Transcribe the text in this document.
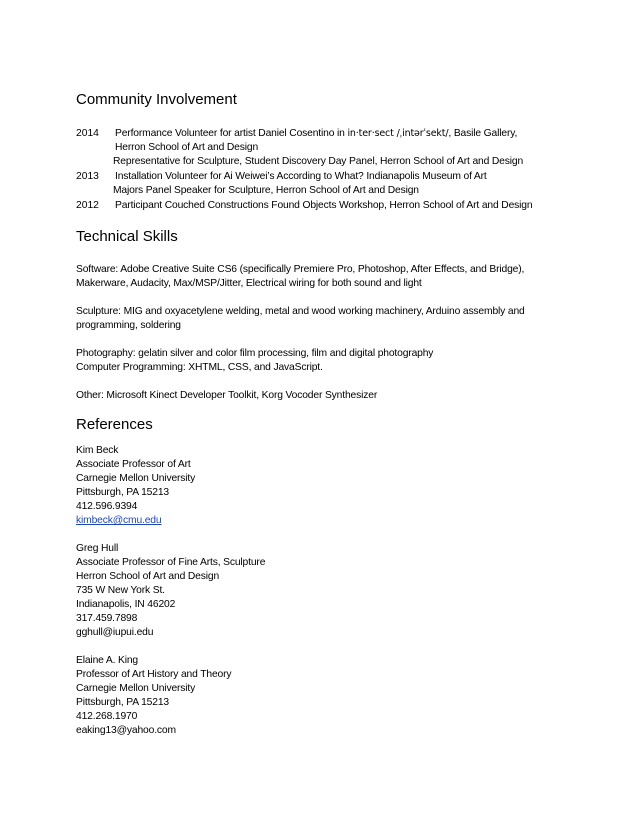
Community Involvement
2014 Performance Volunteer for artist Daniel Cosentino in in·ter·sect /ˌintərˈsekt/, Basile Gallery,
Herron School of Art and Design
Representative for Sculpture, Student Discovery Day Panel, Herron School of Art and Design
2013 Installation Volunteer for Ai Weiwei’s According to What? Indianapolis Museum of Art
Majors Panel Speaker for Sculpture, Herron School of Art and Design
2012 Participant Couched Constructions Found Objects Workshop, Herron School of Art and Design
Technical Skills
Software: Adobe Creative Suite CS6 (specifically Premiere Pro, Photoshop, After Effects, and Bridge),
Makerware, Audacity, Max/MSP/Jitter, Electrical wiring for both sound and light
Sculpture: MIG and oxyacetylene welding, metal and wood working machinery, Arduino assembly and
programming, soldering
Photography: gelatin silver and color film processing, film and digital photography
Computer Programming: XHTML, CSS, and JavaScript.
Other: Microsoft Kinect Developer Toolkit, Korg Vocoder Synthesizer
References
Kim Beck
Associate Professor of Art
Carnegie Mellon University
Pittsburgh, PA 15213
412.596.9394
kimbeck@cmu.edu
Greg Hull
Associate Professor of Fine Arts, Sculpture
Herron School of Art and Design
735 W New York St.
Indianapolis, IN 46202
317.459.7898
gghull@iupui.edu
Elaine A. King
Professor of Art History and Theory
Carnegie Mellon University
Pittsburgh, PA 15213
412.268.1970
eaking13@yahoo.com
